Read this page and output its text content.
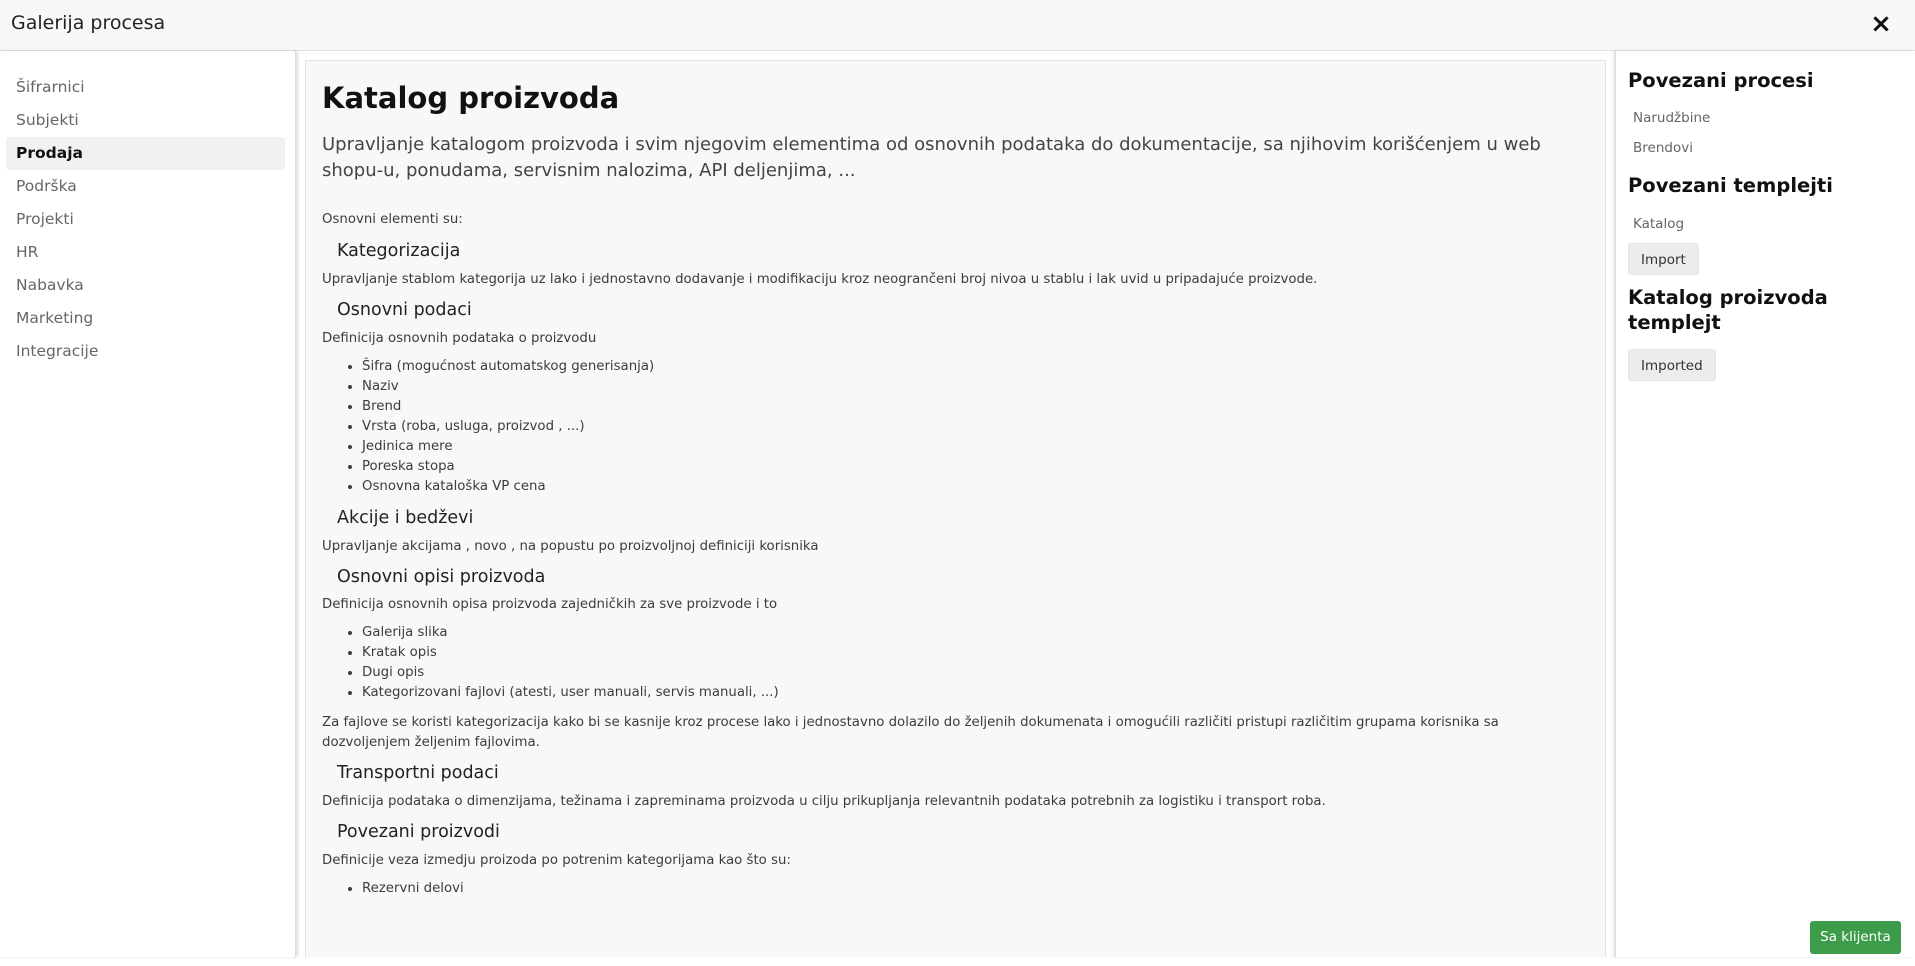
Galerija procesa	×
Šifrarnici
Subjekti
Prodaja
Podrška
Projekti
HR
Nabavka
Marketing
Integracije
Katalog proizvoda
Upravljanje katalogom proizvoda i svim njegovim elementima od osnovnih podataka do dokumentacije, sa njihovim korišćenjem u web shopu-u, ponudama, servisnim nalozima, API deljenjima, ...
Osnovni elementi su:
Kategorizacija
Upravljanje stablom kategorija uz lako i jednostavno dodavanje i modifikaciju kroz neogrančeni broj nivoa u stablu i lak uvid u pripadajuće proizvode.
Osnovni podaci
Definicija osnovnih podataka o proizvodu
• Šifra (mogućnost automatskog generisanja)
• Naziv
• Brend
• Vrsta (roba, usluga, proizvod , ...)
• Jedinica mere
• Poreska stopa
• Osnovna kataloška VP cena
Akcije i bedževi
Upravljanje akcijama , novo , na popustu po proizvoljnoj definiciji korisnika
Osnovni opisi proizvoda
Definicija osnovnih opisa proizvoda zajedničkih za sve proizvode i to
• Galerija slika
• Kratak opis
• Dugi opis
• Kategorizovani fajlovi (atesti, user manuali, servis manuali, ...)
Za fajlove se koristi kategorizacija kako bi se kasnije kroz procese lako i jednostavno dolazilo do željenih dokumenata i omogućili različiti pristupi različitim grupama korisnika sa dozvoljenjem željenim fajlovima.
Transportni podaci
Definicija podataka o dimenzijama, težinama i zapreminama proizvoda u cilju prikupljanja relevantnih podataka potrebnih za logistiku i transport roba.
Povezani proizvodi
Definicije veza izmedju proizoda po potrenim kategorijama kao što su:
• Rezervni delovi
Povezani procesi
Narudžbine
Brendovi
Povezani templejti
Katalog
Import
Katalog proizvoda templejt
Imported
Sa klijenta
